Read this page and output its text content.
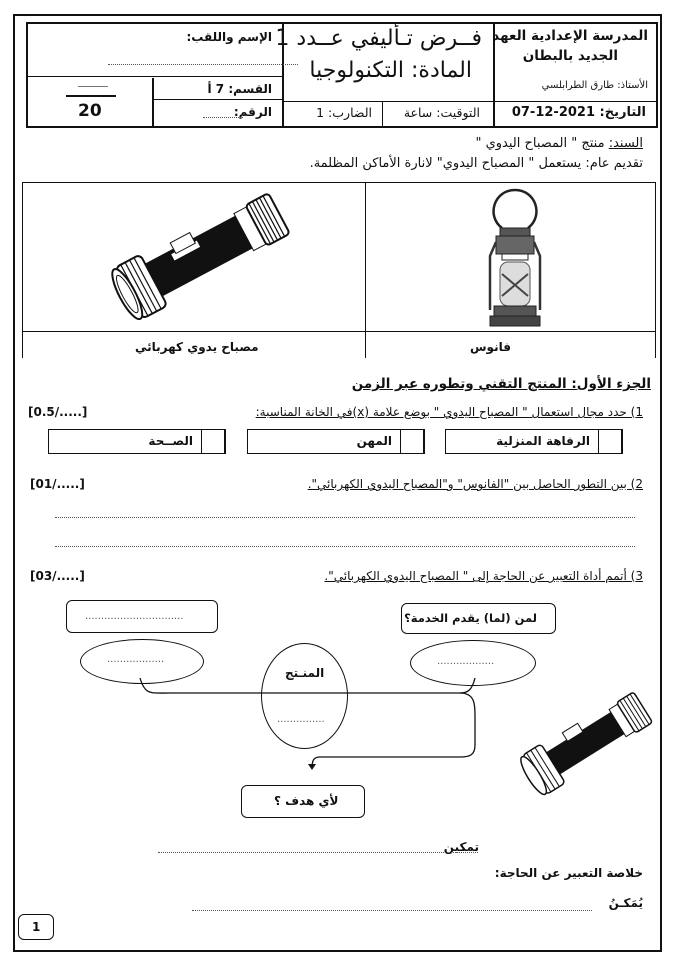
المدرسة الإعدادية العهد
الجديد بالبطان
الأستاذ: طارق الطرابلسي
التاريخ: 2021-12-07
فــرض تـأليفي عــدد 1
المادة: التكنولوجيا
التوقيت: ساعة
الضارب: 1
الإسم واللقب:
القسم: 7 أ
الرقم:
20
السند: منتج " المصباح اليدوي "
تقديم عام: يستعمل " المصباح اليدوي" لانارة الأماكن المظلمة.
فانوس
مصباح يدوي كهربائي
الجزء الأول: المنتج التقني وتطوره عبر الزمن
1) حدد مجال استعمال " المصباح اليدوي " بوضع علامة (x)في الخانة المناسبة:
[0.5/.....]
الرفاهة المنزلية
المهن
الصــحة
2) بين التطور الحاصل بين "الفانوس" و"المصباح اليدوي الكهربائي".
[01/.....]
3) أتمم أداة التعبير عن الحاجة إلى " المصباح اليدوي الكهربائي".
[03/.....]
...............................	لمن (لما) يقدم الخدمة؟
..................	..................
المنـتج
...............
لأي هدف ؟
تمكين
خلاصة التعبير عن الحاجة:
يُمَكـنُ
1
